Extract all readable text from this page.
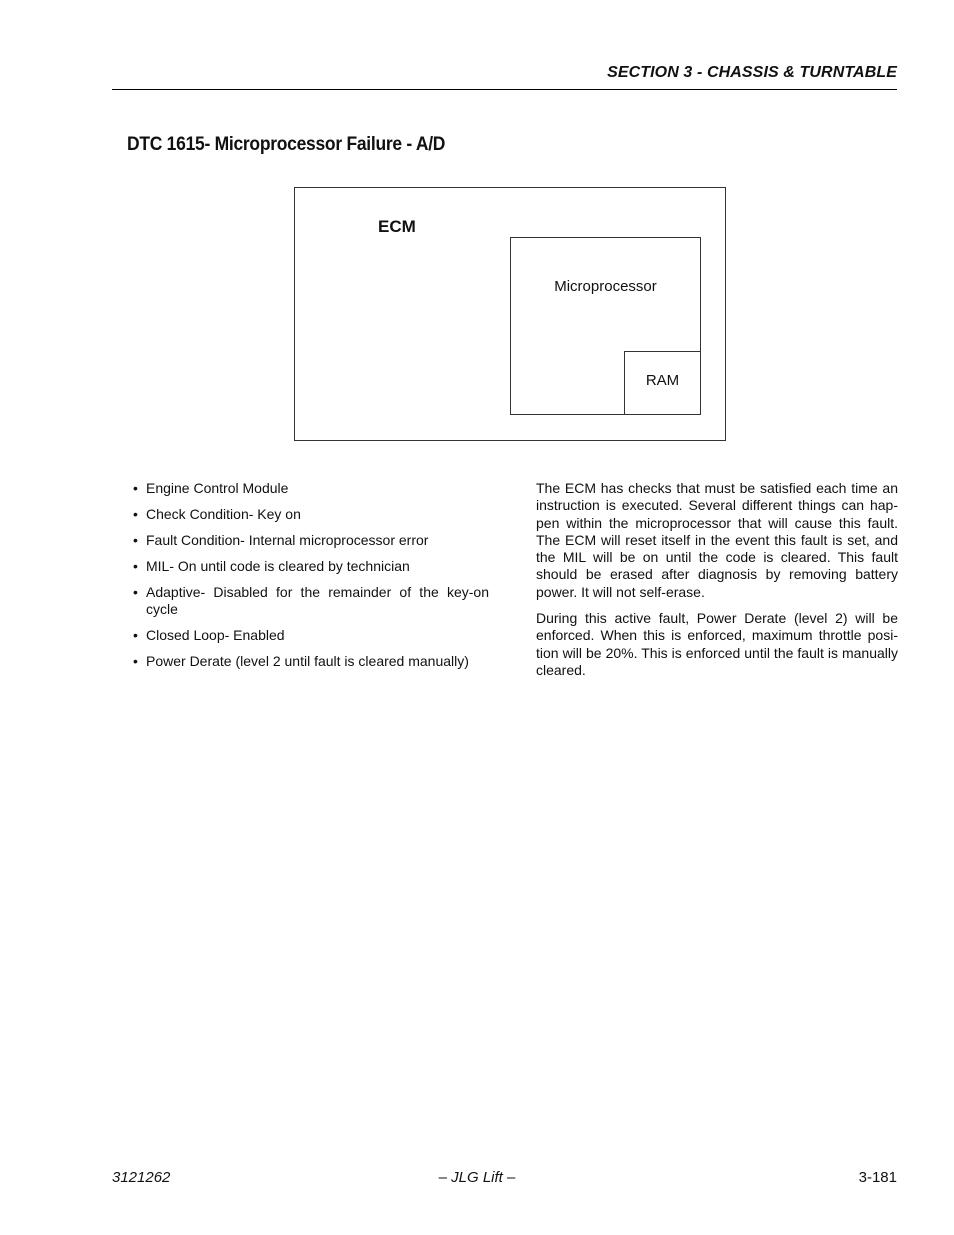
SECTION 3 - CHASSIS & TURNTABLE
DTC 1615- Microprocessor Failure - A/D
ECM
Microprocessor
RAM
• Engine Control Module
• Check Condition- Key on
• Fault Condition- Internal microprocessor error
• MIL- On until code is cleared by technician
• Adaptive- Disabled for the remainder of the key-on cycle
• Closed Loop- Enabled
• Power Derate (level 2 until fault is cleared manually)

The ECM has checks that must be satisfied each time an instruction is executed. Several different things can hap-pen within the microprocessor that will cause this fault. The ECM will reset itself in the event this fault is set, and the MIL will be on until the code is cleared. This fault should be erased after diagnosis by removing battery power. It will not self-erase.

During this active fault, Power Derate (level 2) will be enforced. When this is enforced, maximum throttle posi-tion will be 20%. This is enforced until the fault is manually cleared.

3121262	– JLG Lift –	3-181
